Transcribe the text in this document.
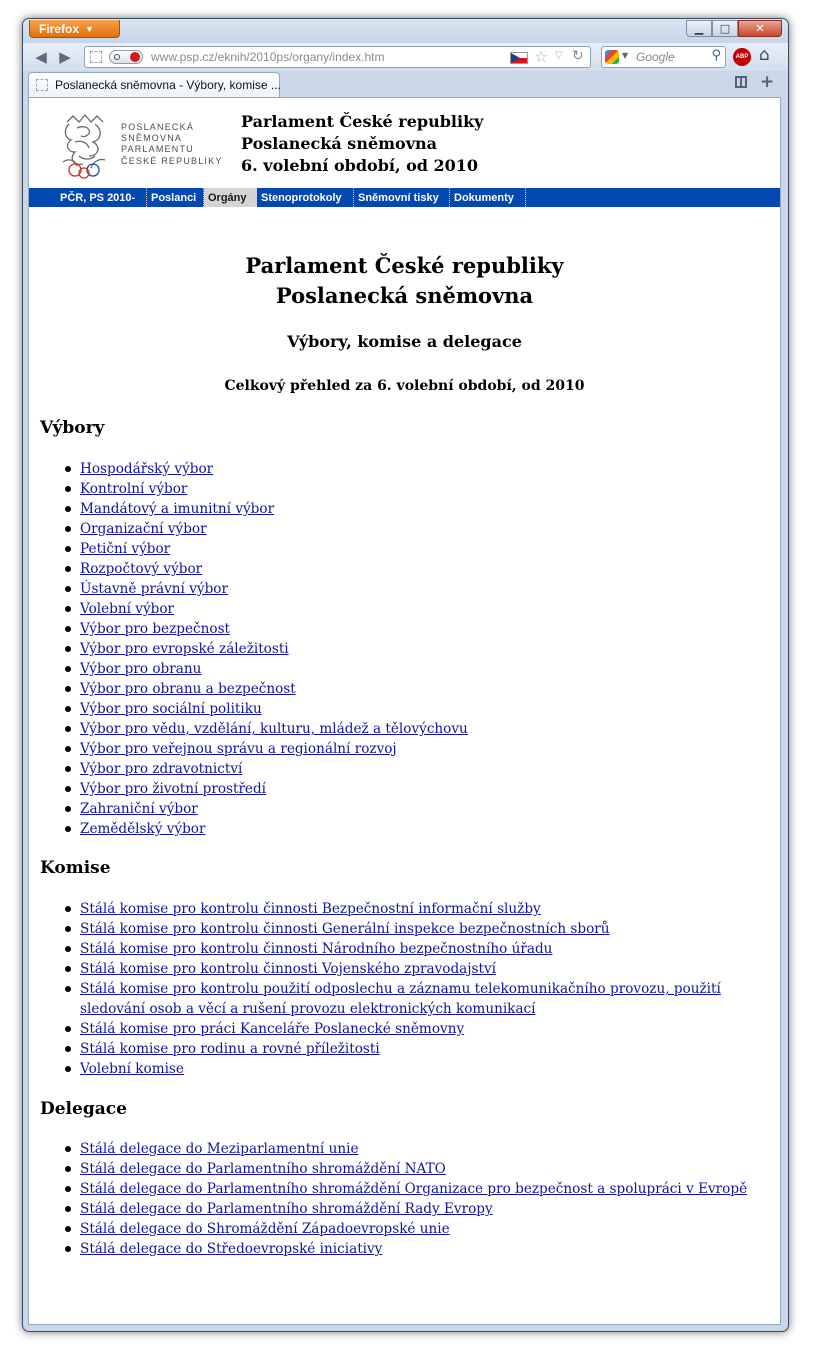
Firefox ▼	▁	□	✕
◀ ▶	www.psp.cz/eknih/2010ps/organy/index.htm	☆ ▽ ↻	▼ Google	⚲ ABP ⌂
Poslanecká sněmovna - Výbory, komise ...	+
POSLANECKÁ
SNĚMOVNA
PARLAMENTU
ČESKÉ REPUBLIKY
Parlament České republiky
Poslanecká sněmovna
6. volební období, od 2010
PČR, PS 2010- Poslanci Orgány Stenoprotokoly Sněmovní tisky Dokumenty
Parlament České republiky
Poslanecká sněmovna
Výbory, komise a delegace
Celkový přehled za 6. volební období, od 2010
Výbory
Hospodářský výbor
Kontrolní výbor
Mandátový a imunitní výbor
Organizační výbor
Petiční výbor
Rozpočtový výbor
Ústavně právní výbor
Volební výbor
Výbor pro bezpečnost
Výbor pro evropské záležitosti
Výbor pro obranu
Výbor pro obranu a bezpečnost
Výbor pro sociální politiku
Výbor pro vědu, vzdělání, kulturu, mládež a tělovýchovu
Výbor pro veřejnou správu a regionální rozvoj
Výbor pro zdravotnictví
Výbor pro životní prostředí
Zahraniční výbor
Zemědělský výbor
Komise
Stálá komise pro kontrolu činnosti Bezpečnostní informační služby
Stálá komise pro kontrolu činnosti Generální inspekce bezpečnostních sborů
Stálá komise pro kontrolu činnosti Národního bezpečnostního úřadu
Stálá komise pro kontrolu činnosti Vojenského zpravodajství
Stálá komise pro kontrolu použití odposlechu a záznamu telekomunikačního provozu, použití sledování osob a věcí a rušení provozu elektronických komunikací
Stálá komise pro práci Kanceláře Poslanecké sněmovny
Stálá komise pro rodinu a rovné příležitosti
Volební komise
Delegace
Stálá delegace do Meziparlamentní unie
Stálá delegace do Parlamentního shromáždění NATO
Stálá delegace do Parlamentního shromáždění Organizace pro bezpečnost a spolupráci v Evropě
Stálá delegace do Parlamentního shromáždění Rady Evropy
Stálá delegace do Shromáždění Západoevropské unie
Stálá delegace do Středoevropské iniciativy
